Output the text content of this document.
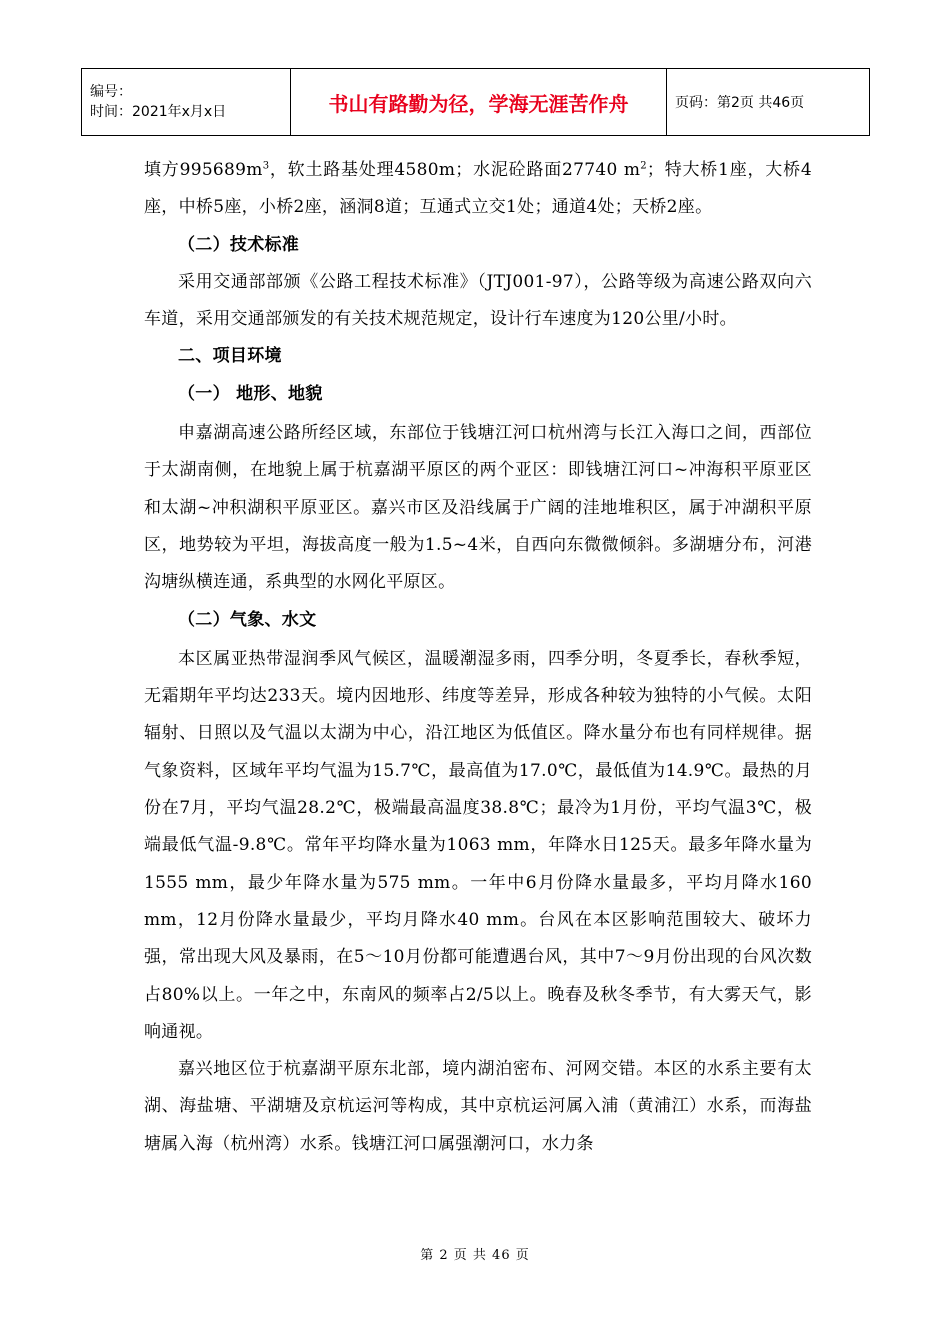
编号：
时间：2021年x月x日	书山有路勤为径，学海无涯苦作舟	页码：第2页 共46页

填方$995689m^3$，软土路基处理4580m；水泥砼路面27740 $m^2$；特大桥1座，大桥4座，中桥5座，小桥2座，涵洞8道；互通式立交1处；通道4处；天桥2座。

（二）技术标准

采用交通部部颁《公路工程技术标准》（JTJ001-97），公路等级为高速公路双向六车道，采用交通部颁发的有关技术规范规定，设计行车速度为120公里/小时。

二、项目环境

（一） 地形、地貌

申嘉湖高速公路所经区域，东部位于钱塘江河口杭州湾与长江入海口之间，西部位于太湖南侧，在地貌上属于杭嘉湖平原区的两个亚区：即钱塘江河口~冲海积平原亚区和太湖~冲积湖积平原亚区。嘉兴市区及沿线属于广阔的洼地堆积区，属于冲湖积平原区，地势较为平坦，海拔高度一般为1.5~4米，自西向东微微倾斜。多湖塘分布，河港沟塘纵横连通，系典型的水网化平原区。

（二）气象、水文

本区属亚热带湿润季风气候区，温暖潮湿多雨，四季分明，冬夏季长，春秋季短，无霜期年平均达233天。境内因地形、纬度等差异，形成各种较为独特的小气候。太阳辐射、日照以及气温以太湖为中心，沿江地区为低值区。降水量分布也有同样规律。据气象资料，区域年平均气温为15.7℃，最高值为17.0℃，最低值为14.9℃。最热的月份在7月，平均气温28.2℃，极端最高温度38.8℃；最冷为1月份，平均气温3℃，极端最低气温-9.8℃。常年平均降水量为1063 mm，年降水日125天。最多年降水量为1555 mm，最少年降水量为575 mm。一年中6月份降水量最多，平均月降水160 mm，12月份降水量最少，平均月降水40 mm。台风在本区影响范围较大、破坏力强，常出现大风及暴雨，在5～10月份都可能遭遇台风，其中7～9月份出现的台风次数占80%以上。一年之中，东南风的频率占2/5以上。晚春及秋冬季节，有大雾天气，影响通视。

嘉兴地区位于杭嘉湖平原东北部，境内湖泊密布、河网交错。本区的水系主要有太湖、海盐塘、平湖塘及京杭运河等构成，其中京杭运河属入浦（黄浦江）水系，而海盐塘属入海（杭州湾）水系。钱塘江河口属强潮河口，水力条

第 2 页 共 46 页
